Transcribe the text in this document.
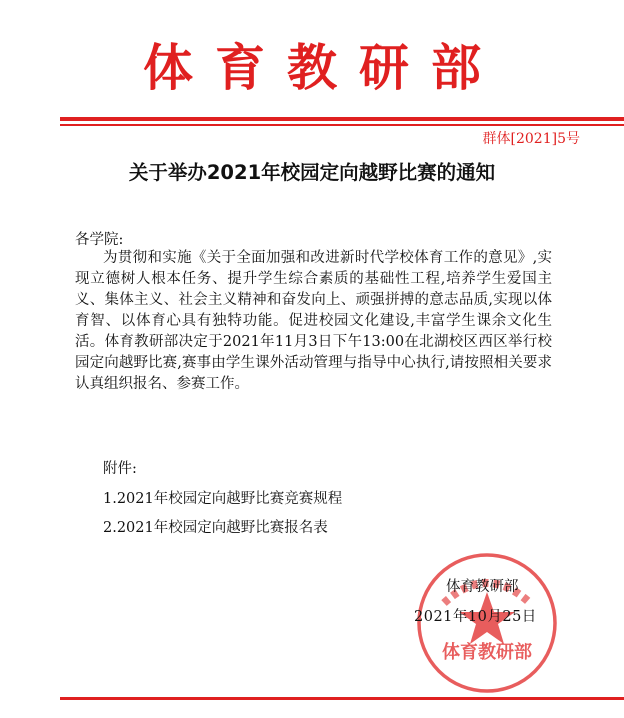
体育教研部
群体[2021]5号
关于举办2021年校园定向越野比赛的通知
各学院:
为贯彻和实施《关于全面加强和改进新时代学校体育工作的意见》,实现立德树人根本任务、提升学生综合素质的基础性工程,培养学生爱国主义、集体主义、社会主义精神和奋发向上、顽强拼搏的意志品质,实现以体育智、以体育心具有独特功能。促进校园文化建设,丰富学生课余文化生活。体育教研部决定于2021年11月3日下午13:00在北湖校区西区举行校园定向越野比赛,赛事由学生课外活动管理与指导中心执行,请按照相关要求认真组织报名、参赛工作。
附件:
1.2021年校园定向越野比赛竞赛规程
2.2021年校园定向越野比赛报名表
体育教研部
体育教研部
2021年10月25日
